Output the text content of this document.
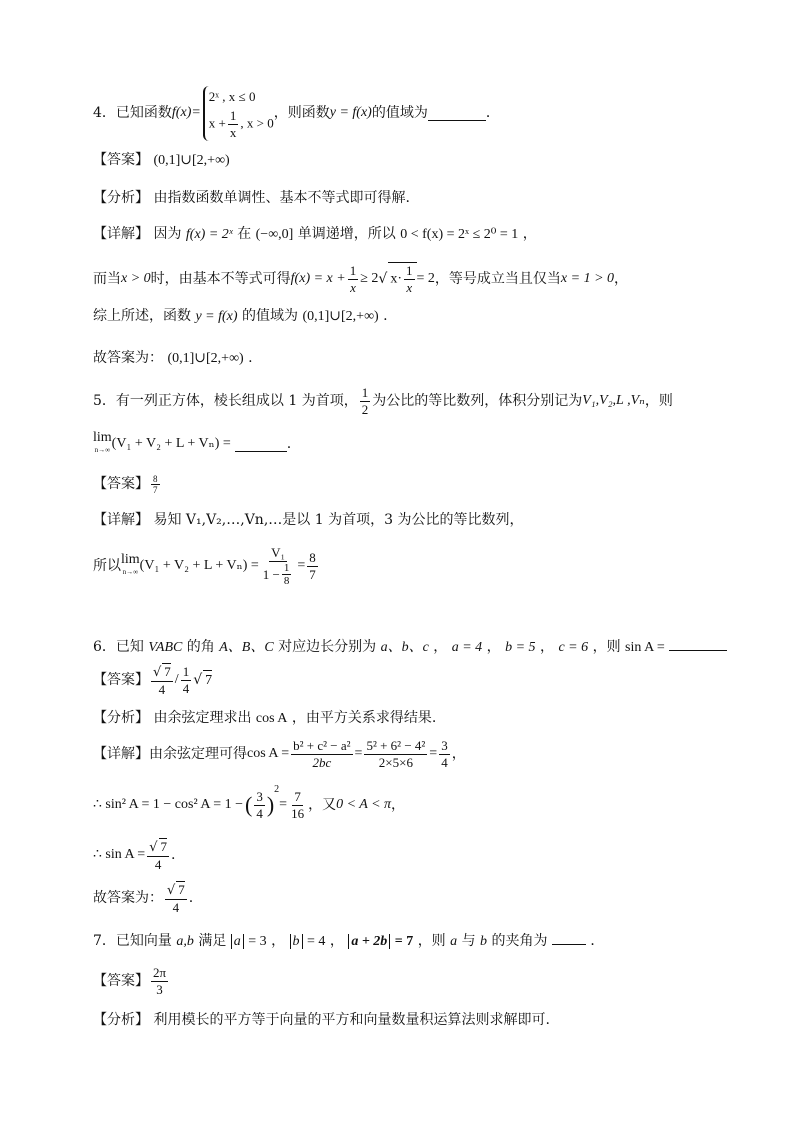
4． 已知函数 f(x)=
2ˣ , x ≤ 0
$x + \frac{1}{x}$ , x > 0
，则函数 y = f(x) 的值域为	．
【答案】 (0,1]∪[2,+∞)
【分析】 由指数函数单调性、基本不等式即可得解.
【详解】 因为 f(x) = 2ˣ 在 (−∞,0] 单调递增，所以 0 < f(x) = 2ˣ ≤ 2⁰ = 1 ，
而当 x > 0 时，由基本不等式可得 $f(x) = x + \frac{1}{x} \ge 2$ √ $x\cdot \frac{1}{x} = 2$ ，等号成立当且仅当 x = 1 > 0 ，
综上所述，函数 y = f(x) 的值域为 (0,1]∪[2,+∞) .
故答案为： (0,1]∪[2,+∞) .
5．有一列正方体，棱长组成以 1 为首项， $\frac{1}{2}$ 为公比的等比数列，体积分别记为 V₁,V₂,L ,Vₙ ，则
lim
n→∞ (V₁ + V₂ + L + Vₙ) =	.
【答案】 $\frac{8}{7}$
【详解】 易知 V₁,V₂,…,Vn,…是以 1 为首项，3 为公比的等比数列，
所以 lim
n→∞ $(V_1 + V_2 + L + V_n) = \frac{\text{V₁}}{1 - \frac{1}{8}} = \frac{8}{7}$
6．已知 VABC 的角 A、B、C 对应边长分别为 a、b、c ， a = 4 ， b = 5 ， c = 6 ，则 sin A =
【答案】 $\frac{√ 7}{4} / \frac{1}{4}$ √ 7
【分析】 由余弦定理求出 cos A ，由平方关系求得结果.
【详解】 由余弦定理可得 $\cos A = \frac{\text{b² + c² − a²}}{2bc} = \frac{\text{5² + 6² − 4²}}{2\times 5\times 6} = \frac{3}{4}$ ，
∴ sin² A = 1 − cos² A = 1 − ( $\frac{3}{4}$ )
2
= $\frac{7}{16}$ ，又 0 < A < π ，
∴ $\sin A = \frac{√ 7}{4}$ .
故答案为： $\frac{√ 7}{4}$ .
7．已知向量 a,b 满足 a = 3 ， b = 4 ， a + 2b = 7 ，则 a 与 b 的夹角为	．
【答案】 $\frac{2\pi}{3}$
【分析】 利用模长的平方等于向量的平方和向量数量积运算法则求解即可.
